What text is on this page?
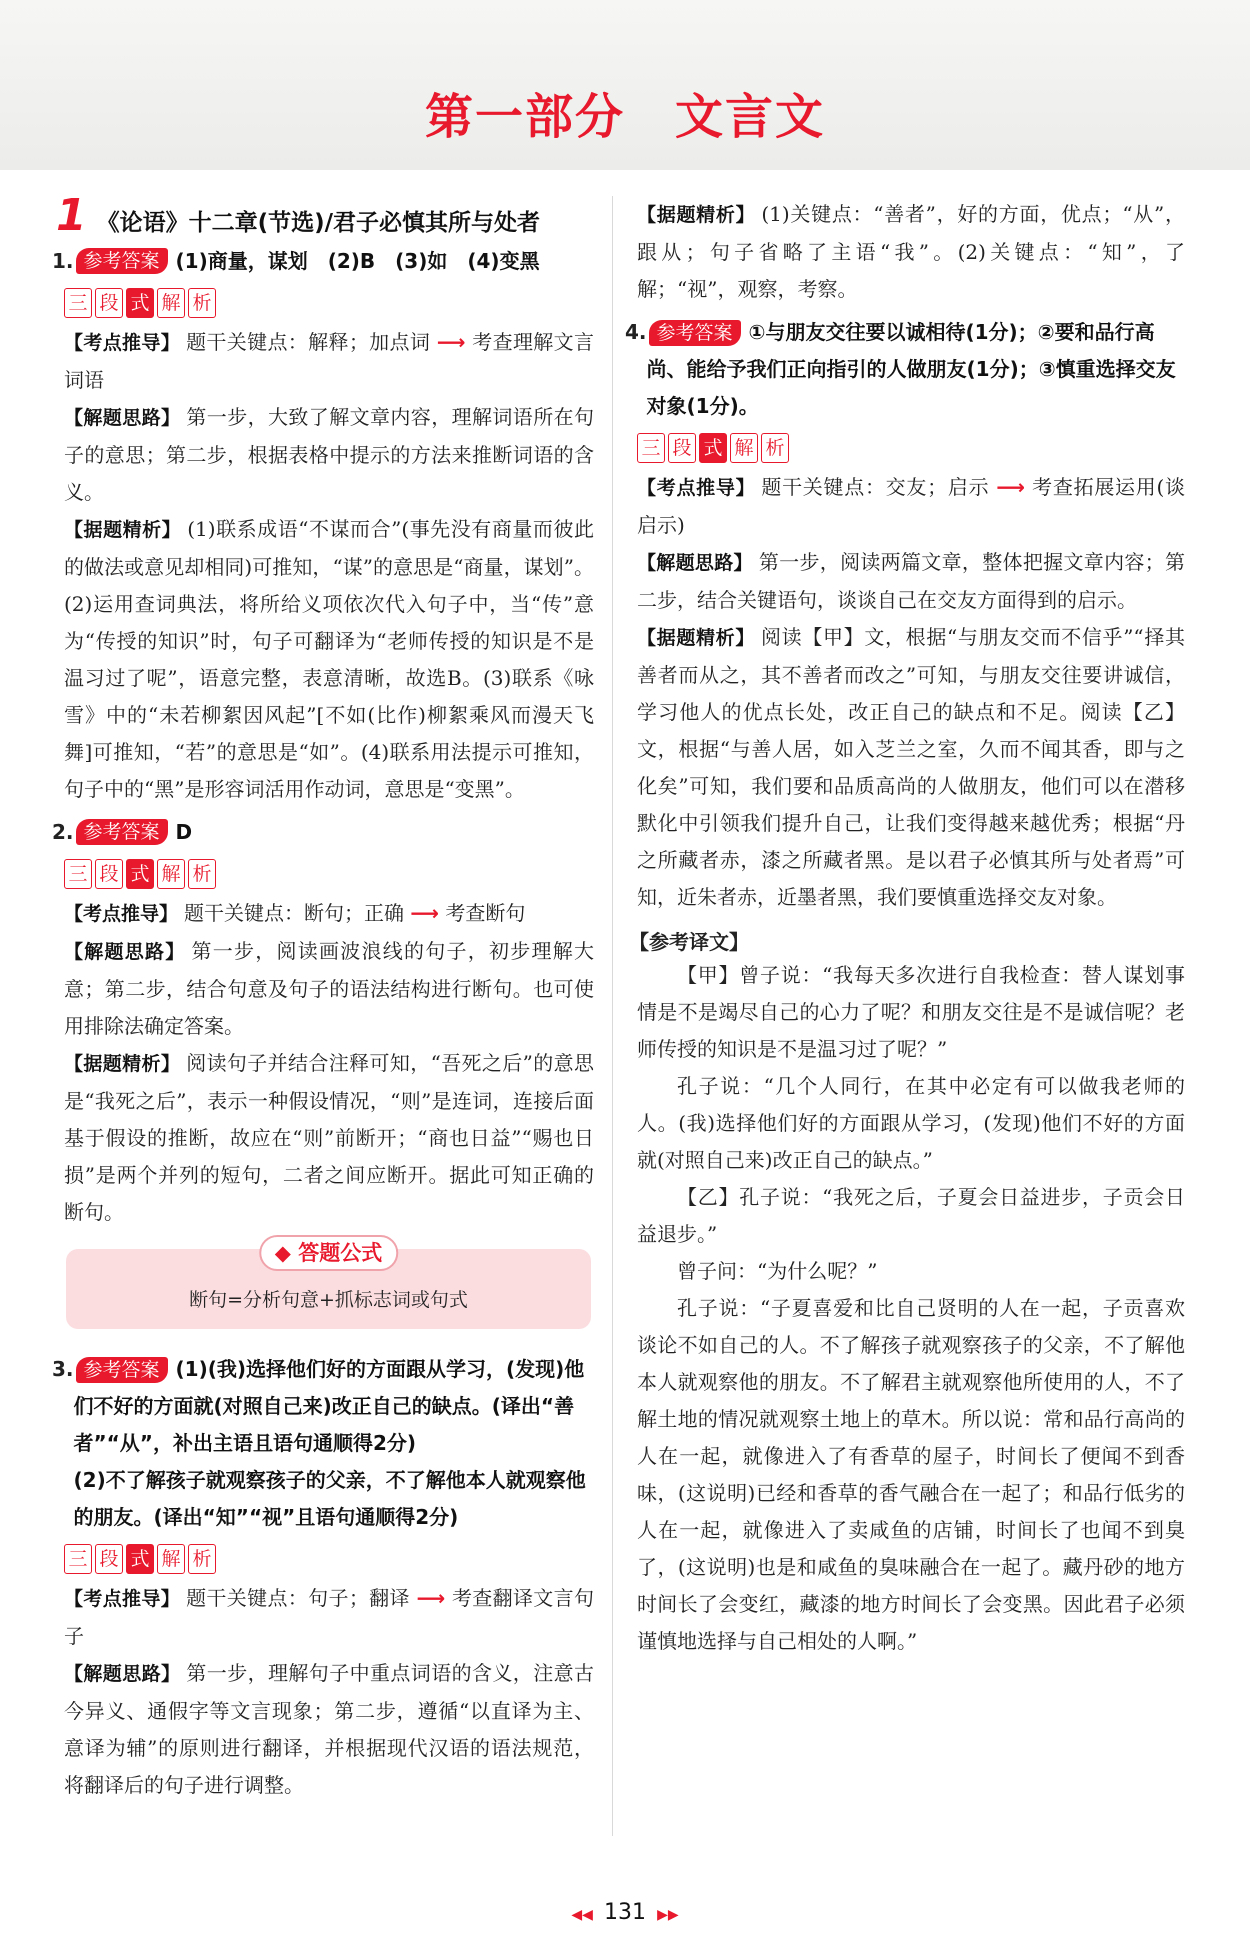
第一部分　文言文
1 《论语》十二章(节选)/君子必慎其所与处者
1. 参考答案 (1)商量，谋划　(2)B　(3)如　(4)变黑
三 段 式 解 析

【考点推导】 题干关键点：解释；加点词 ⟶ 考查理解文言词语

【解题思路】 第一步，大致了解文章内容，理解词语所在句子的意思；第二步，根据表格中提示的方法来推断词语的含义。

【据题精析】 (1)联系成语“不谋而合”(事先没有商量而彼此的做法或意见却相同)可推知，“谋”的意思是“商量，谋划”。(2)运用查词典法，将所给义项依次代入句子中，当“传”意为“传授的知识”时，句子可翻译为“老师传授的知识是不是温习过了呢”，语意完整，表意清晰，故选B。(3)联系《咏雪》中的“未若柳絮因风起”[不如(比作)柳絮乘风而漫天飞舞]可推知，“若”的意思是“如”。(4)联系用法提示可推知，句子中的“黑”是形容词活用作动词，意思是“变黑”。

2. 参考答案 D
三 段 式 解 析

【考点推导】 题干关键点：断句；正确 ⟶ 考查断句

【解题思路】 第一步，阅读画波浪线的句子，初步理解大意；第二步，结合句意及句子的语法结构进行断句。也可使用排除法确定答案。

【据题精析】 阅读句子并结合注释可知，“吾死之后”的意思是“我死之后”，表示一种假设情况，“则”是连词，连接后面基于假设的推断，故应在“则”前断开；“商也日益”“赐也日损”是两个并列的短句，二者之间应断开。据此可知正确的断句。

◆ 答题公式
断句=分析句意+抓标志词或句式
3. 参考答案 (1)(我)选择他们好的方面跟从学习，(发现)他们不好的方面就(对照自己来)改正自己的缺点。(译出“善者”“从”，补出主语且语句通顺得2分)
(2)不了解孩子就观察孩子的父亲，不了解他本人就观察他的朋友。(译出“知”“视”且语句通顺得2分)
三 段 式 解 析

【考点推导】 题干关键点：句子；翻译 ⟶ 考查翻译文言句子

【解题思路】 第一步，理解句子中重点词语的含义，注意古今异义、通假字等文言现象；第二步，遵循“以直译为主、意译为辅”的原则进行翻译，并根据现代汉语的语法规范，将翻译后的句子进行调整。

【据题精析】 (1)关键点：“善者”，好的方面，优点；“从”，跟从；句子省略了主语“我”。(2)关键点：“知”，了解；“视”，观察，考察。

4. 参考答案 ①与朋友交往要以诚相待(1分)；②要和品行高尚、能给予我们正向指引的人做朋友(1分)；③慎重选择交友对象(1分)。
三 段 式 解 析

【考点推导】 题干关键点：交友；启示 ⟶ 考查拓展运用(谈启示)

【解题思路】 第一步，阅读两篇文章，整体把握文章内容；第二步，结合关键语句，谈谈自己在交友方面得到的启示。

【据题精析】 阅读【甲】文，根据“与朋友交而不信乎”“择其善者而从之，其不善者而改之”可知，与朋友交往要讲诚信，学习他人的优点长处，改正自己的缺点和不足。阅读【乙】文，根据“与善人居，如入芝兰之室，久而不闻其香，即与之化矣”可知，我们要和品质高尚的人做朋友，他们可以在潜移默化中引领我们提升自己，让我们变得越来越优秀；根据“丹之所藏者赤，漆之所藏者黑。是以君子必慎其所与处者焉”可知，近朱者赤，近墨者黑，我们要慎重选择交友对象。

【参考译文】

【甲】曾子说：“我每天多次进行自我检查：替人谋划事情是不是竭尽自己的心力了呢？和朋友交往是不是诚信呢？老师传授的知识是不是温习过了呢？”

孔子说：“几个人同行，在其中必定有可以做我老师的人。(我)选择他们好的方面跟从学习，(发现)他们不好的方面就(对照自己来)改正自己的缺点。”

【乙】孔子说：“我死之后，子夏会日益进步，子贡会日益退步。”

曾子问：“为什么呢？”

孔子说：“子夏喜爱和比自己贤明的人在一起，子贡喜欢谈论不如自己的人。不了解孩子就观察孩子的父亲，不了解他本人就观察他的朋友。不了解君主就观察他所使用的人，不了解土地的情况就观察土地上的草木。所以说：常和品行高尚的人在一起，就像进入了有香草的屋子，时间长了便闻不到香味，(这说明)已经和香草的香气融合在一起了；和品行低劣的人在一起，就像进入了卖咸鱼的店铺，时间长了也闻不到臭了，(这说明)也是和咸鱼的臭味融合在一起了。藏丹砂的地方时间长了会变红，藏漆的地方时间长了会变黑。因此君子必须谨慎地选择与自己相处的人啊。”

◀◀ 131 ▶▶
